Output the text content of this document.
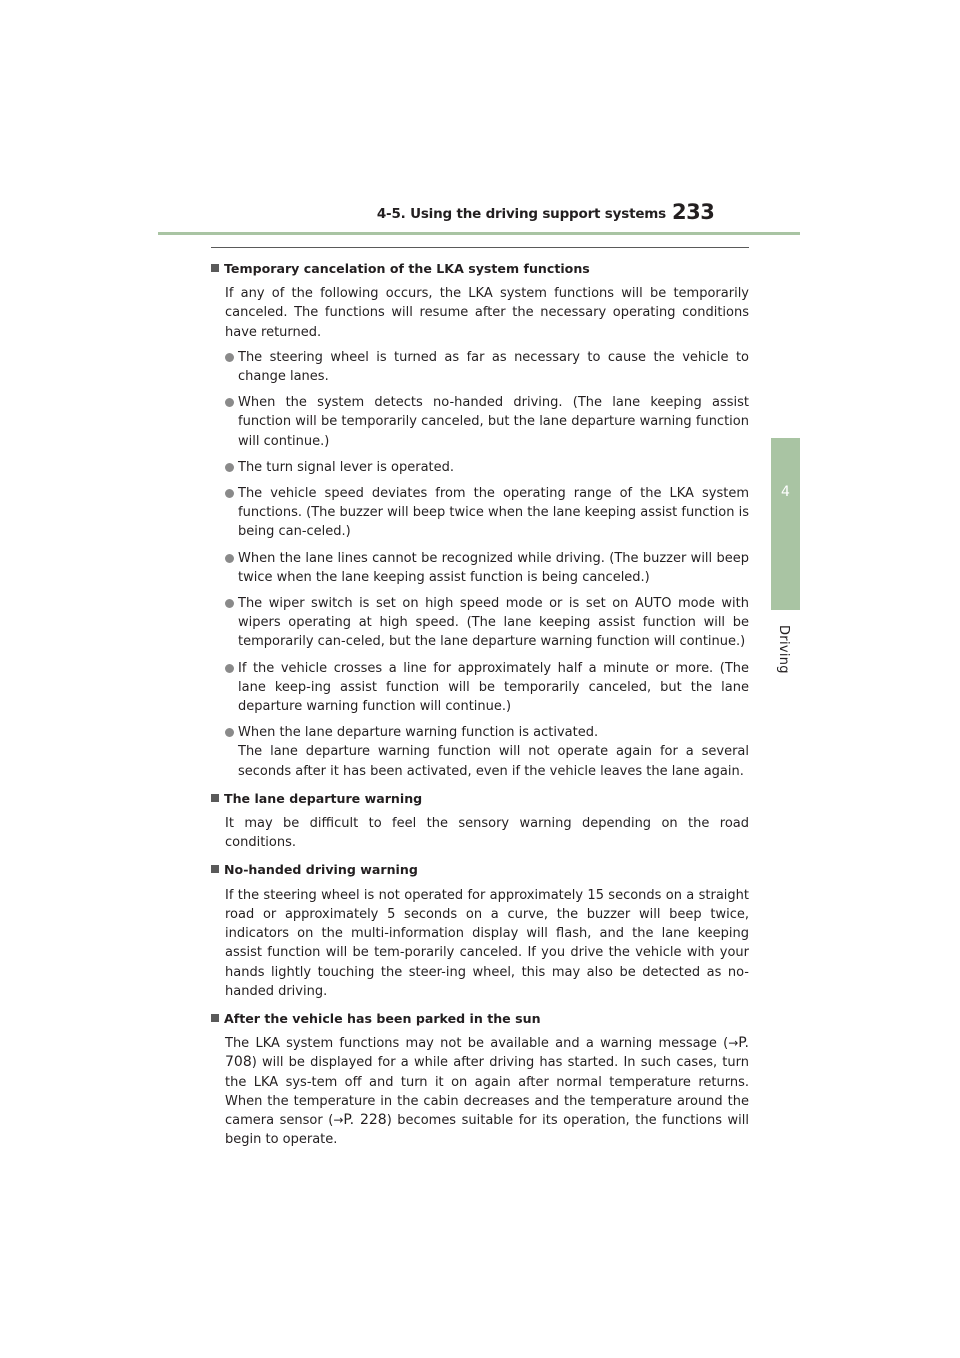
4-5. Using the driving support systems 233
4
Driving
Temporary cancelation of the LKA system functions
If any of the following occurs, the LKA system functions will be temporarily canceled. The functions will resume after the necessary operating conditions have returned.
The steering wheel is turned as far as necessary to cause the vehicle to change lanes.
When the system detects no-handed driving. (The lane keeping assist function will be temporarily canceled, but the lane departure warning function will continue.)
The turn signal lever is operated.
The vehicle speed deviates from the operating range of the LKA system functions. (The buzzer will beep twice when the lane keeping assist function is being can-celed.)
When the lane lines cannot be recognized while driving. (The buzzer will beep twice when the lane keeping assist function is being canceled.)
The wiper switch is set on high speed mode or is set on AUTO mode with wipers operating at high speed. (The lane keeping assist function will be temporarily can-celed, but the lane departure warning function will continue.)
If the vehicle crosses a line for approximately half a minute or more. (The lane keep-ing assist function will be temporarily canceled, but the lane departure warning function will continue.)
When the lane departure warning function is activated.
The lane departure warning function will not operate again for a several seconds after it has been activated, even if the vehicle leaves the lane again.
The lane departure warning
It may be difficult to feel the sensory warning depending on the road conditions.
No-handed driving warning
If the steering wheel is not operated for approximately 15 seconds on a straight road or approximately 5 seconds on a curve, the buzzer will beep twice, indicators on the multi-information display will flash, and the lane keeping assist function will be tem-porarily canceled. If you drive the vehicle with your hands lightly touching the steer-ing wheel, this may also be detected as no-handed driving.
After the vehicle has been parked in the sun
The LKA system functions may not be available and a warning message (→P. 708) will be displayed for a while after driving has started. In such cases, turn the LKA sys-tem off and turn it on again after normal temperature returns. When the temperature in the cabin decreases and the temperature around the camera sensor (→P. 228) becomes suitable for its operation, the functions will begin to operate.
